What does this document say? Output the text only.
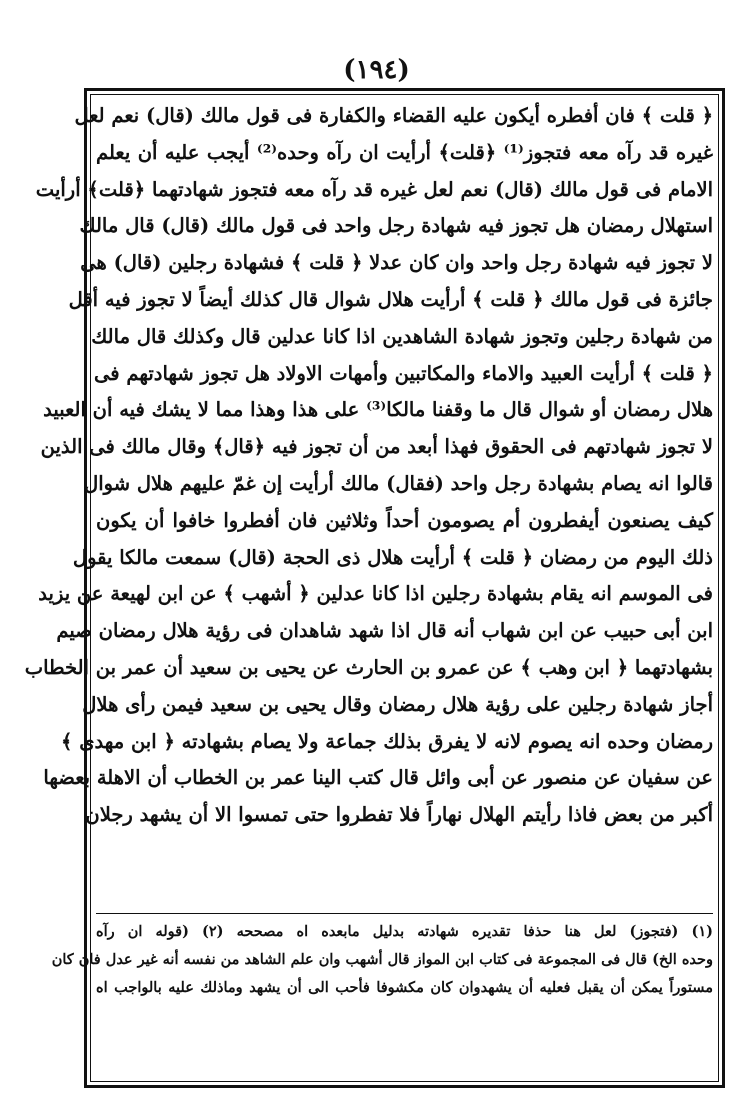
(١٩٤)
﴿ قلت ﴾ فان أفطره أيكون عليه القضاء والكفارة فى قول مالك (قال) نعم لعل
غيره قد رآه معه فتجوز⁽¹⁾ ﴿قلت﴾ أرأيت ان رآه وحده⁽²⁾ أيجب عليه أن يعلم
الامام فى قول مالك (قال) نعم لعل غيره قد رآه معه فتجوز شهادتهما ﴿قلت﴾ أرأيت
استهلال رمضان هل تجوز فيه شهادة رجل واحد فى قول مالك (قال) قال مالك
لا تجوز فيه شهادة رجل واحد وان كان عدلا ﴿ قلت ﴾ فشهادة رجلين (قال) هى
جائزة فى قول مالك ﴿ قلت ﴾ أرأيت هلال شوال قال كذلك أيضاً لا تجوز فيه أقل
من شهادة رجلين وتجوز شهادة الشاهدين اذا كانا عدلين قال وكذلك قال مالك
﴿ قلت ﴾ أرأيت العبيد والاماء والمكاتبين وأمهات الاولاد هل تجوز شهادتهم فى
هلال رمضان أو شوال قال ما وقفنا مالكا⁽³⁾ على هذا وهذا مما لا يشك فيه أن العبيد
لا تجوز شهادتهم فى الحقوق فهذا أبعد من أن تجوز فيه ﴿قال﴾ وقال مالك فى الذين
قالوا انه يصام بشهادة رجل واحد (فقال) مالك أرأيت إن غمّ عليهم هلال شوال
كيف يصنعون أيفطرون أم يصومون أحداً وثلاثين فان أفطروا خافوا أن يكون
ذلك اليوم من رمضان ﴿ قلت ﴾ أرأيت هلال ذى الحجة (قال) سمعت مالكا يقول
فى الموسم انه يقام بشهادة رجلين اذا كانا عدلين ﴿ أشهب ﴾ عن ابن لهيعة عن يزيد
ابن أبى حبيب عن ابن شهاب أنه قال اذا شهد شاهدان فى رؤية هلال رمضان صيم
بشهادتهما ﴿ ابن وهب ﴾ عن عمرو بن الحارث عن يحيى بن سعيد أن عمر بن الخطاب
أجاز شهادة رجلين على رؤية هلال رمضان وقال يحيى بن سعيد فيمن رأى هلال
رمضان وحده انه يصوم لانه لا يفرق بذلك جماعة ولا يصام بشهادته ﴿ ابن مهدى ﴾
عن سفيان عن منصور عن أبى وائل قال كتب الينا عمر بن الخطاب أن الاهلة بعضها
أكبر من بعض فاذا رأيتم الهلال نهاراً فلا تفطروا حتى تمسوا الا أن يشهد رجلان
(١) (فتجوز) لعل هنا حذفا تقديره شهادته بدليل مابعده اه مصححه (٢) (قوله ان رآه
وحده الخ) قال فى المجموعة فى كتاب ابن المواز قال أشهب وان علم الشاهد من نفسه أنه غير عدل فان كان
مستوراً يمكن أن يقبل فعليه أن يشهدوان كان مكشوفا فأحب الى أن يشهد وماذلك عليه بالواجب اه
